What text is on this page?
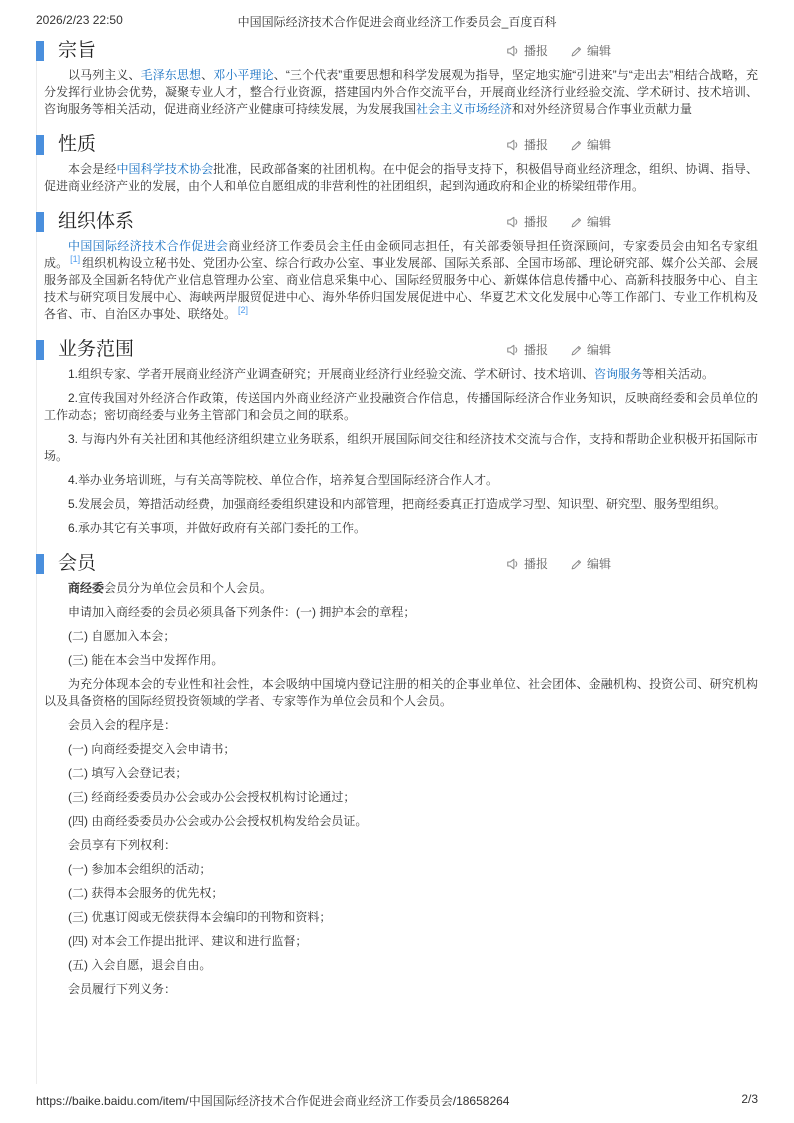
2026/2/23 22:50	中国国际经济技术合作促进会商业经济工作委员会_百度百科
宗旨	播报	编辑

以马列主义、毛泽东思想、邓小平理论、“三个代表”重要思想和科学发展观为指导，坚定地实施“引进来”与“走出去”相结合战略，充分发挥行业协会优势，凝聚专业人才，整合行业资源，搭建国内外合作交流平台，开展商业经济行业经验交流、学术研讨、技术培训、咨询服务等相关活动，促进商业经济产业健康可持续发展，为发展我国社会主义市场经济和对外经济贸易合作事业贡献力量

性质	播报	编辑

本会是经中国科学技术协会批准，民政部备案的社团机构。在中促会的指导支持下，积极倡导商业经济理念，组织、协调、指导、促进商业经济产业的发展，由个人和单位自愿组成的非营利性的社团组织，起到沟通政府和企业的桥梁纽带作用。

组织体系	播报	编辑

中国国际经济技术合作促进会商业经济工作委员会主任由金硕同志担任，有关部委领导担任资深顾问，专家委员会由知名专家组成。 [1] 组织机构设立秘书处、党团办公室、综合行政办公室、事业发展部、国际关系部、全国市场部、理论研究部、媒介公关部、会展服务部及全国新名特优产业信息管理办公室、商业信息采集中心、国际经贸服务中心、新媒体信息传播中心、高新科技服务中心、自主技术与研究项目发展中心、海峡两岸服贸促进中心、海外华侨归国发展促进中心、华夏艺术文化发展中心等工作部门、专业工作机构及各省、市、自治区办事处、联络处。 [2]

业务范围	播报	编辑

1.组织专家、学者开展商业经济产业调查研究；开展商业经济行业经验交流、学术研讨、技术培训、咨询服务等相关活动。

2.宣传我国对外经济合作政策，传送国内外商业经济产业投融资合作信息，传播国际经济合作业务知识，反映商经委和会员单位的工作动态；密切商经委与业务主管部门和会员之间的联系。

3. 与海内外有关社团和其他经济组织建立业务联系，组织开展国际间交往和经济技术交流与合作，支持和帮助企业积极开拓国际市场。

4.举办业务培训班，与有关高等院校、单位合作，培养复合型国际经济合作人才。

5.发展会员，筹措活动经费，加强商经委组织建设和内部管理，把商经委真正打造成学习型、知识型、研究型、服务型组织。

6.承办其它有关事项，并做好政府有关部门委托的工作。

会员	播报	编辑

商经委会员分为单位会员和个人会员。

申请加入商经委的会员必须具备下列条件：(一) 拥护本会的章程；

(二) 自愿加入本会；

(三) 能在本会当中发挥作用。

为充分体现本会的专业性和社会性，本会吸纳中国境内登记注册的相关的企事业单位、社会团体、金融机构、投资公司、研究机构以及具备资格的国际经贸投资领域的学者、专家等作为单位会员和个人会员。

会员入会的程序是：

(一) 向商经委提交入会申请书；

(二) 填写入会登记表；

(三) 经商经委委员办公会或办公会授权机构讨论通过；

(四) 由商经委委员办公会或办公会授权机构发给会员证。

会员享有下列权利：

(一) 参加本会组织的活动；

(二) 获得本会服务的优先权；

(三) 优惠订阅或无偿获得本会编印的刊物和资料；

(四) 对本会工作提出批评、建议和进行监督；

(五) 入会自愿，退会自由。

会员履行下列义务：

https://baike.baidu.com/item/中国国际经济技术合作促进会商业经济工作委员会/18658264	2/3
